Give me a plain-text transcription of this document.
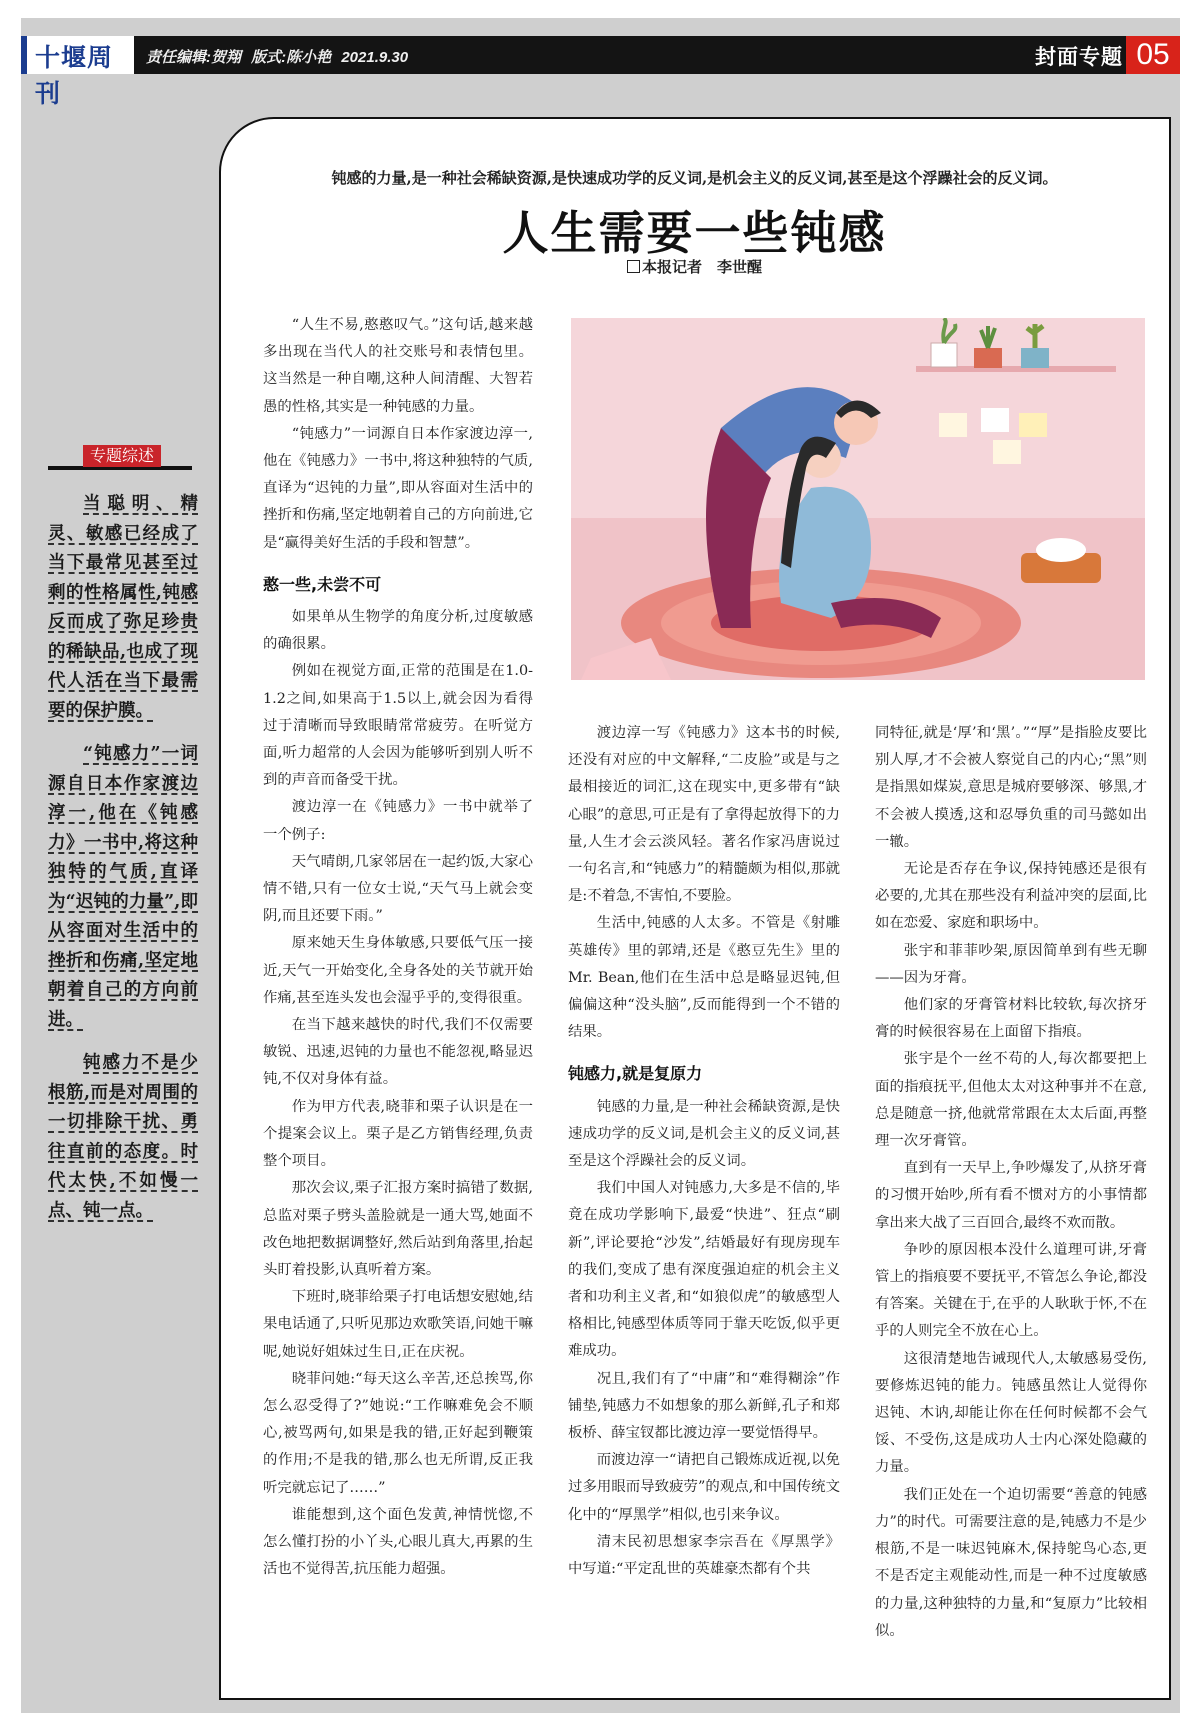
十堰周刊
责任编辑:贺翔 版式:陈小艳 2021.9.30	封面专题 05
钝感的力量,是一种社会稀缺资源,是快速成功学的反义词,是机会主义的反义词,甚至是这个浮躁社会的反义词。
人生需要一些钝感
本报记者　李世醒
专题综述

当聪明、精灵、敏感已经成了当下最常见甚至过剩的性格属性,钝感反而成了弥足珍贵的稀缺品,也成了现代人活在当下最需要的保护膜。

“钝感力”一词源自日本作家渡边淳一,他在《钝感力》一书中,将这种独特的气质,直译为“迟钝的力量”,即从容面对生活中的挫折和伤痛,坚定地朝着自己的方向前进。

钝感力不是少根筋,而是对周围的一切排除干扰、勇往直前的态度。时代太快,不如慢一点、钝一点。

“人生不易,憨憨叹气。”这句话,越来越多出现在当代人的社交账号和表情包里。这当然是一种自嘲,这种人间清醒、大智若愚的性格,其实是一种钝感的力量。

“钝感力”一词源自日本作家渡边淳一,他在《钝感力》一书中,将这种独特的气质,直译为“迟钝的力量”,即从容面对生活中的挫折和伤痛,坚定地朝着自己的方向前进,它是“赢得美好生活的手段和智慧”。

憨一些,未尝不可

如果单从生物学的角度分析,过度敏感的确很累。

例如在视觉方面,正常的范围是在1.0-1.2之间,如果高于1.5以上,就会因为看得过于清晰而导致眼睛常常疲劳。在听觉方面,听力超常的人会因为能够听到别人听不到的声音而备受干扰。

渡边淳一在《钝感力》一书中就举了一个例子:

天气晴朗,几家邻居在一起约饭,大家心情不错,只有一位女士说,“天气马上就会变阴,而且还要下雨。”

原来她天生身体敏感,只要低气压一接近,天气一开始变化,全身各处的关节就开始作痛,甚至连头发也会湿乎乎的,变得很重。

在当下越来越快的时代,我们不仅需要敏锐、迅速,迟钝的力量也不能忽视,略显迟钝,不仅对身体有益。

作为甲方代表,晓菲和栗子认识是在一个提案会议上。栗子是乙方销售经理,负责整个项目。

那次会议,栗子汇报方案时搞错了数据,总监对栗子劈头盖脸就是一通大骂,她面不改色地把数据调整好,然后站到角落里,抬起头盯着投影,认真听着方案。

下班时,晓菲给栗子打电话想安慰她,结果电话通了,只听见那边欢歌笑语,问她干嘛呢,她说好姐妹过生日,正在庆祝。

晓菲问她:“每天这么辛苦,还总挨骂,你怎么忍受得了?”她说:“工作嘛难免会不顺心,被骂两句,如果是我的错,正好起到鞭策的作用;不是我的错,那么也无所谓,反正我听完就忘记了……”

谁能想到,这个面色发黄,神情恍惚,不怎么懂打扮的小丫头,心眼儿真大,再累的生活也不觉得苦,抗压能力超强。

渡边淳一写《钝感力》这本书的时候,还没有对应的中文解释,“二皮脸”或是与之最相接近的词汇,这在现实中,更多带有“缺心眼”的意思,可正是有了拿得起放得下的力量,人生才会云淡风轻。著名作家冯唐说过一句名言,和“钝感力”的精髓颇为相似,那就是:不着急,不害怕,不要脸。

生活中,钝感的人太多。不管是《射雕英雄传》里的郭靖,还是《憨豆先生》里的Mr. Bean,他们在生活中总是略显迟钝,但偏偏这种“没头脑”,反而能得到一个不错的结果。

钝感力,就是复原力

钝感的力量,是一种社会稀缺资源,是快速成功学的反义词,是机会主义的反义词,甚至是这个浮躁社会的反义词。

我们中国人对钝感力,大多是不信的,毕竟在成功学影响下,最爱“快进”、狂点“刷新”,评论要抢“沙发”,结婚最好有现房现车的我们,变成了患有深度强迫症的机会主义者和功利主义者,和“如狼似虎”的敏感型人格相比,钝感型体质等同于靠天吃饭,似乎更难成功。

况且,我们有了“中庸”和“难得糊涂”作铺垫,钝感力不如想象的那么新鲜,孔子和郑板桥、薛宝钗都比渡边淳一要觉悟得早。

而渡边淳一“请把自己锻炼成近视,以免过多用眼而导致疲劳”的观点,和中国传统文化中的“厚黑学”相似,也引来争议。

清末民初思想家李宗吾在《厚黑学》中写道:“平定乱世的英雄豪杰都有个共

同特征,就是‘厚’和‘黑’。”“厚”是指脸皮要比别人厚,才不会被人察觉自己的内心;“黑”则是指黑如煤炭,意思是城府要够深、够黑,才不会被人摸透,这和忍辱负重的司马懿如出一辙。

无论是否存在争议,保持钝感还是很有必要的,尤其在那些没有利益冲突的层面,比如在恋爱、家庭和职场中。

张宇和菲菲吵架,原因简单到有些无聊——因为牙膏。

他们家的牙膏管材料比较软,每次挤牙膏的时候很容易在上面留下指痕。

张宇是个一丝不苟的人,每次都要把上面的指痕抚平,但他太太对这种事并不在意,总是随意一挤,他就常常跟在太太后面,再整理一次牙膏管。

直到有一天早上,争吵爆发了,从挤牙膏的习惯开始吵,所有看不惯对方的小事情都拿出来大战了三百回合,最终不欢而散。

争吵的原因根本没什么道理可讲,牙膏管上的指痕要不要抚平,不管怎么争论,都没有答案。关键在于,在乎的人耿耿于怀,不在乎的人则完全不放在心上。

这很清楚地告诫现代人,太敏感易受伤,要修炼迟钝的能力。钝感虽然让人觉得你迟钝、木讷,却能让你在任何时候都不会气馁、不受伤,这是成功人士内心深处隐藏的力量。

我们正处在一个迫切需要“善意的钝感力”的时代。可需要注意的是,钝感力不是少根筋,不是一味迟钝麻木,保持鸵鸟心态,更不是否定主观能动性,而是一种不过度敏感的力量,这种独特的力量,和“复原力”比较相似。
